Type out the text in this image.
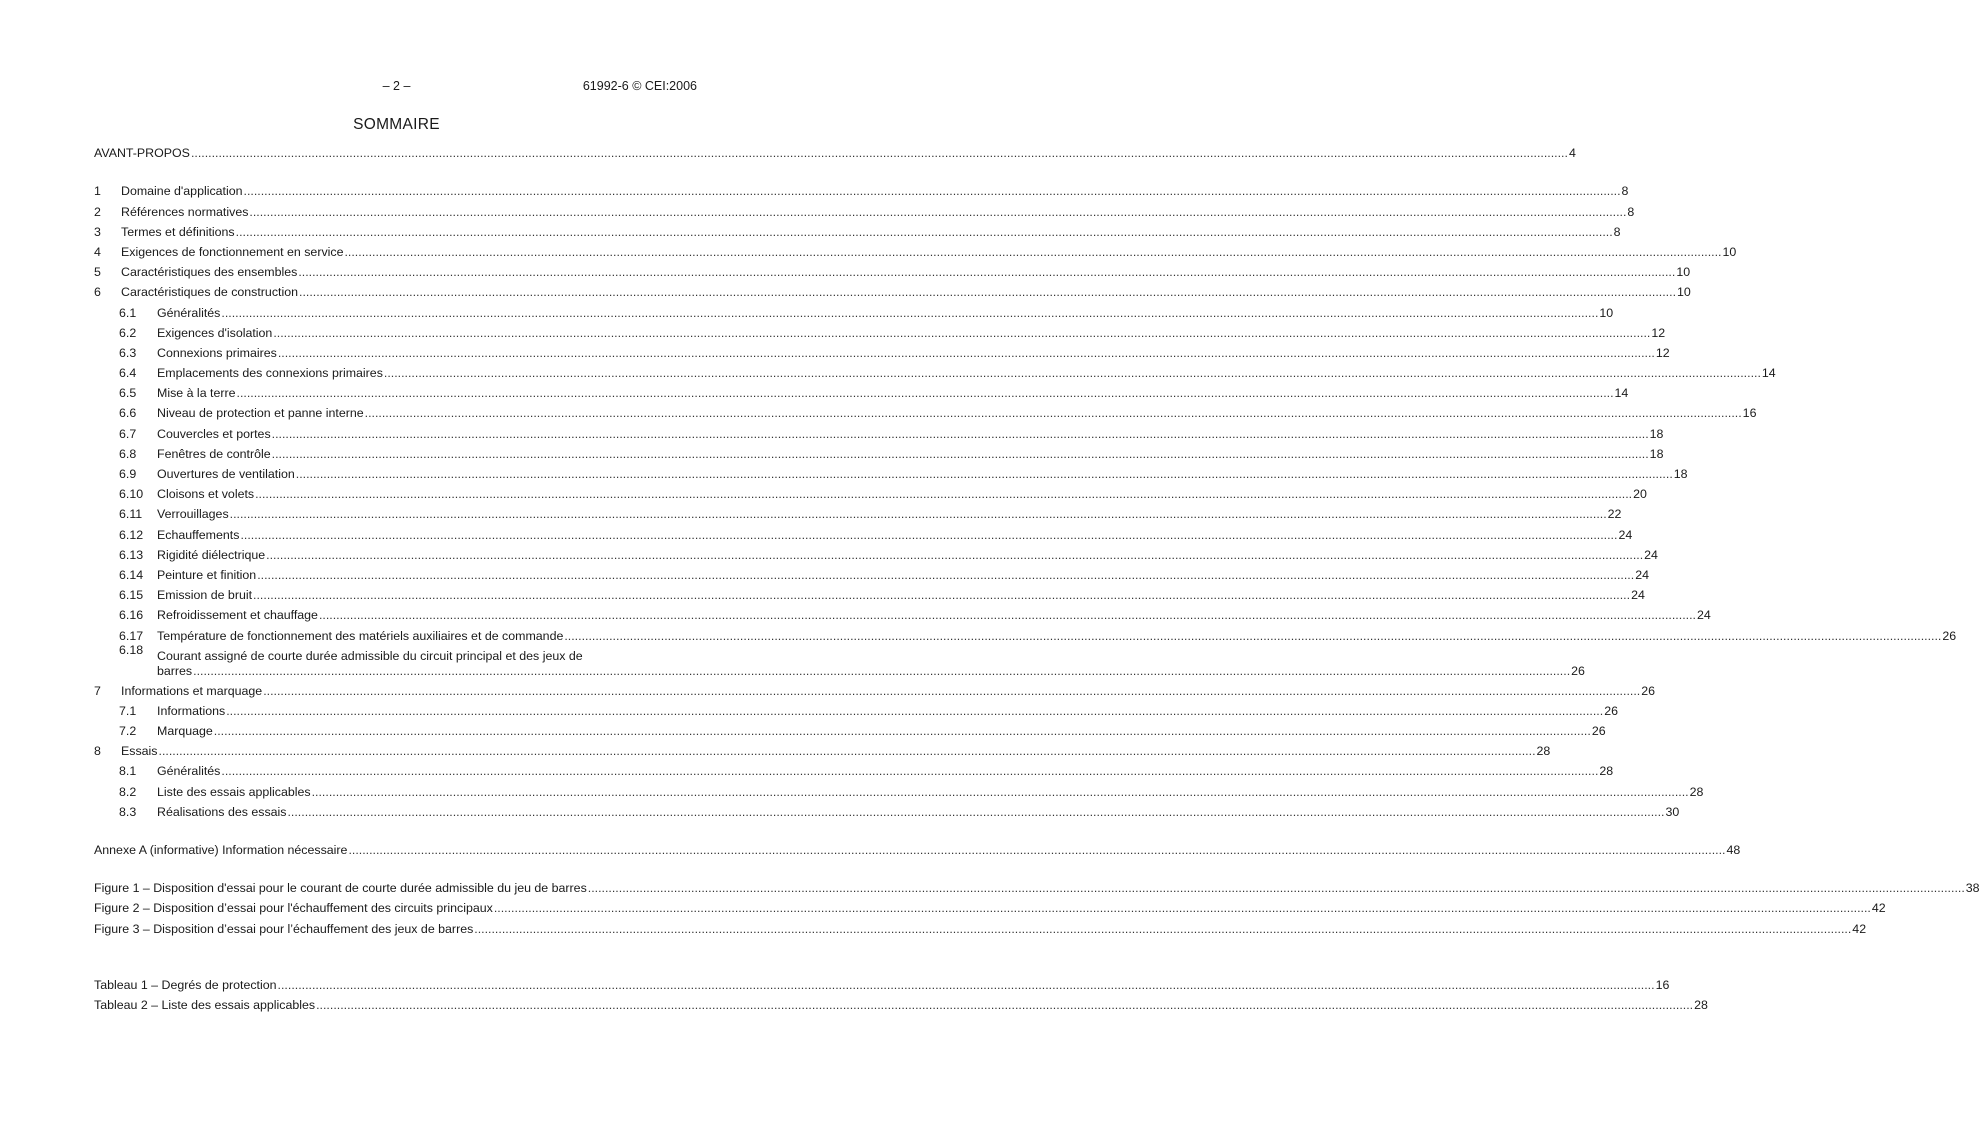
– 2 –	61992-6 © CEI:2006
SOMMAIRE
AVANT-PROPOS ................................................................................................................................................................................................................................................................................................................................................................................................................ 4
1	Domaine d'application ................................................................................................................................................................................................................................................................................................................................................................................................................ 8
2	Références normatives ................................................................................................................................................................................................................................................................................................................................................................................................................ 8
3	Termes et définitions ................................................................................................................................................................................................................................................................................................................................................................................................................ 8
4	Exigences de fonctionnement en service ................................................................................................................................................................................................................................................................................................................................................................................................................ 10
5	Caractéristiques des ensembles ................................................................................................................................................................................................................................................................................................................................................................................................................ 10
6	Caractéristiques de construction ................................................................................................................................................................................................................................................................................................................................................................................................................ 10
6.1	Généralités ................................................................................................................................................................................................................................................................................................................................................................................................................ 10
6.2	Exigences d'isolation ................................................................................................................................................................................................................................................................................................................................................................................................................ 12
6.3	Connexions primaires ................................................................................................................................................................................................................................................................................................................................................................................................................ 12
6.4	Emplacements des connexions primaires ................................................................................................................................................................................................................................................................................................................................................................................................................ 14
6.5	Mise à la terre ................................................................................................................................................................................................................................................................................................................................................................................................................ 14
6.6	Niveau de protection et panne interne ................................................................................................................................................................................................................................................................................................................................................................................................................ 16
6.7	Couvercles et portes ................................................................................................................................................................................................................................................................................................................................................................................................................ 18
6.8	Fenêtres de contrôle ................................................................................................................................................................................................................................................................................................................................................................................................................ 18
6.9	Ouvertures de ventilation ................................................................................................................................................................................................................................................................................................................................................................................................................ 18
6.10	Cloisons et volets ................................................................................................................................................................................................................................................................................................................................................................................................................ 20
6.11	Verrouillages ................................................................................................................................................................................................................................................................................................................................................................................................................ 22
6.12	Echauffements ................................................................................................................................................................................................................................................................................................................................................................................................................ 24
6.13	Rigidité diélectrique ................................................................................................................................................................................................................................................................................................................................................................................................................ 24
6.14	Peinture et finition ................................................................................................................................................................................................................................................................................................................................................................................................................ 24
6.15	Emission de bruit ................................................................................................................................................................................................................................................................................................................................................................................................................ 24
6.16	Refroidissement et chauffage ................................................................................................................................................................................................................................................................................................................................................................................................................ 24
6.17	Température de fonctionnement des matériels auxiliaires et de commande ................................................................................................................................................................................................................................................................................................................................................................................................................ 26
6.18	Courant assigné de courte durée admissible du circuit principal et des jeux de
barres ................................................................................................................................................................................................................................................................................................................................................................................................................ 26
7	Informations et marquage ................................................................................................................................................................................................................................................................................................................................................................................................................ 26
7.1	Informations ................................................................................................................................................................................................................................................................................................................................................................................................................ 26
7.2	Marquage ................................................................................................................................................................................................................................................................................................................................................................................................................ 26
8	Essais ................................................................................................................................................................................................................................................................................................................................................................................................................ 28
8.1	Généralités ................................................................................................................................................................................................................................................................................................................................................................................................................ 28
8.2	Liste des essais applicables ................................................................................................................................................................................................................................................................................................................................................................................................................ 28
8.3	Réalisations des essais ................................................................................................................................................................................................................................................................................................................................................................................................................ 30
Annexe A (informative) Information nécessaire ................................................................................................................................................................................................................................................................................................................................................................................................................ 48
Figure 1 – Disposition d'essai pour le courant de courte durée admissible du jeu de barres ................................................................................................................................................................................................................................................................................................................................................................................................................ 38
Figure 2 – Disposition d’essai pour l'échauffement des circuits principaux ................................................................................................................................................................................................................................................................................................................................................................................................................ 42
Figure 3 – Disposition d’essai pour l’échauffement des jeux de barres ................................................................................................................................................................................................................................................................................................................................................................................................................ 42
Tableau 1 – Degrés de protection ................................................................................................................................................................................................................................................................................................................................................................................................................ 16
Tableau 2 – Liste des essais applicables ................................................................................................................................................................................................................................................................................................................................................................................................................ 28
